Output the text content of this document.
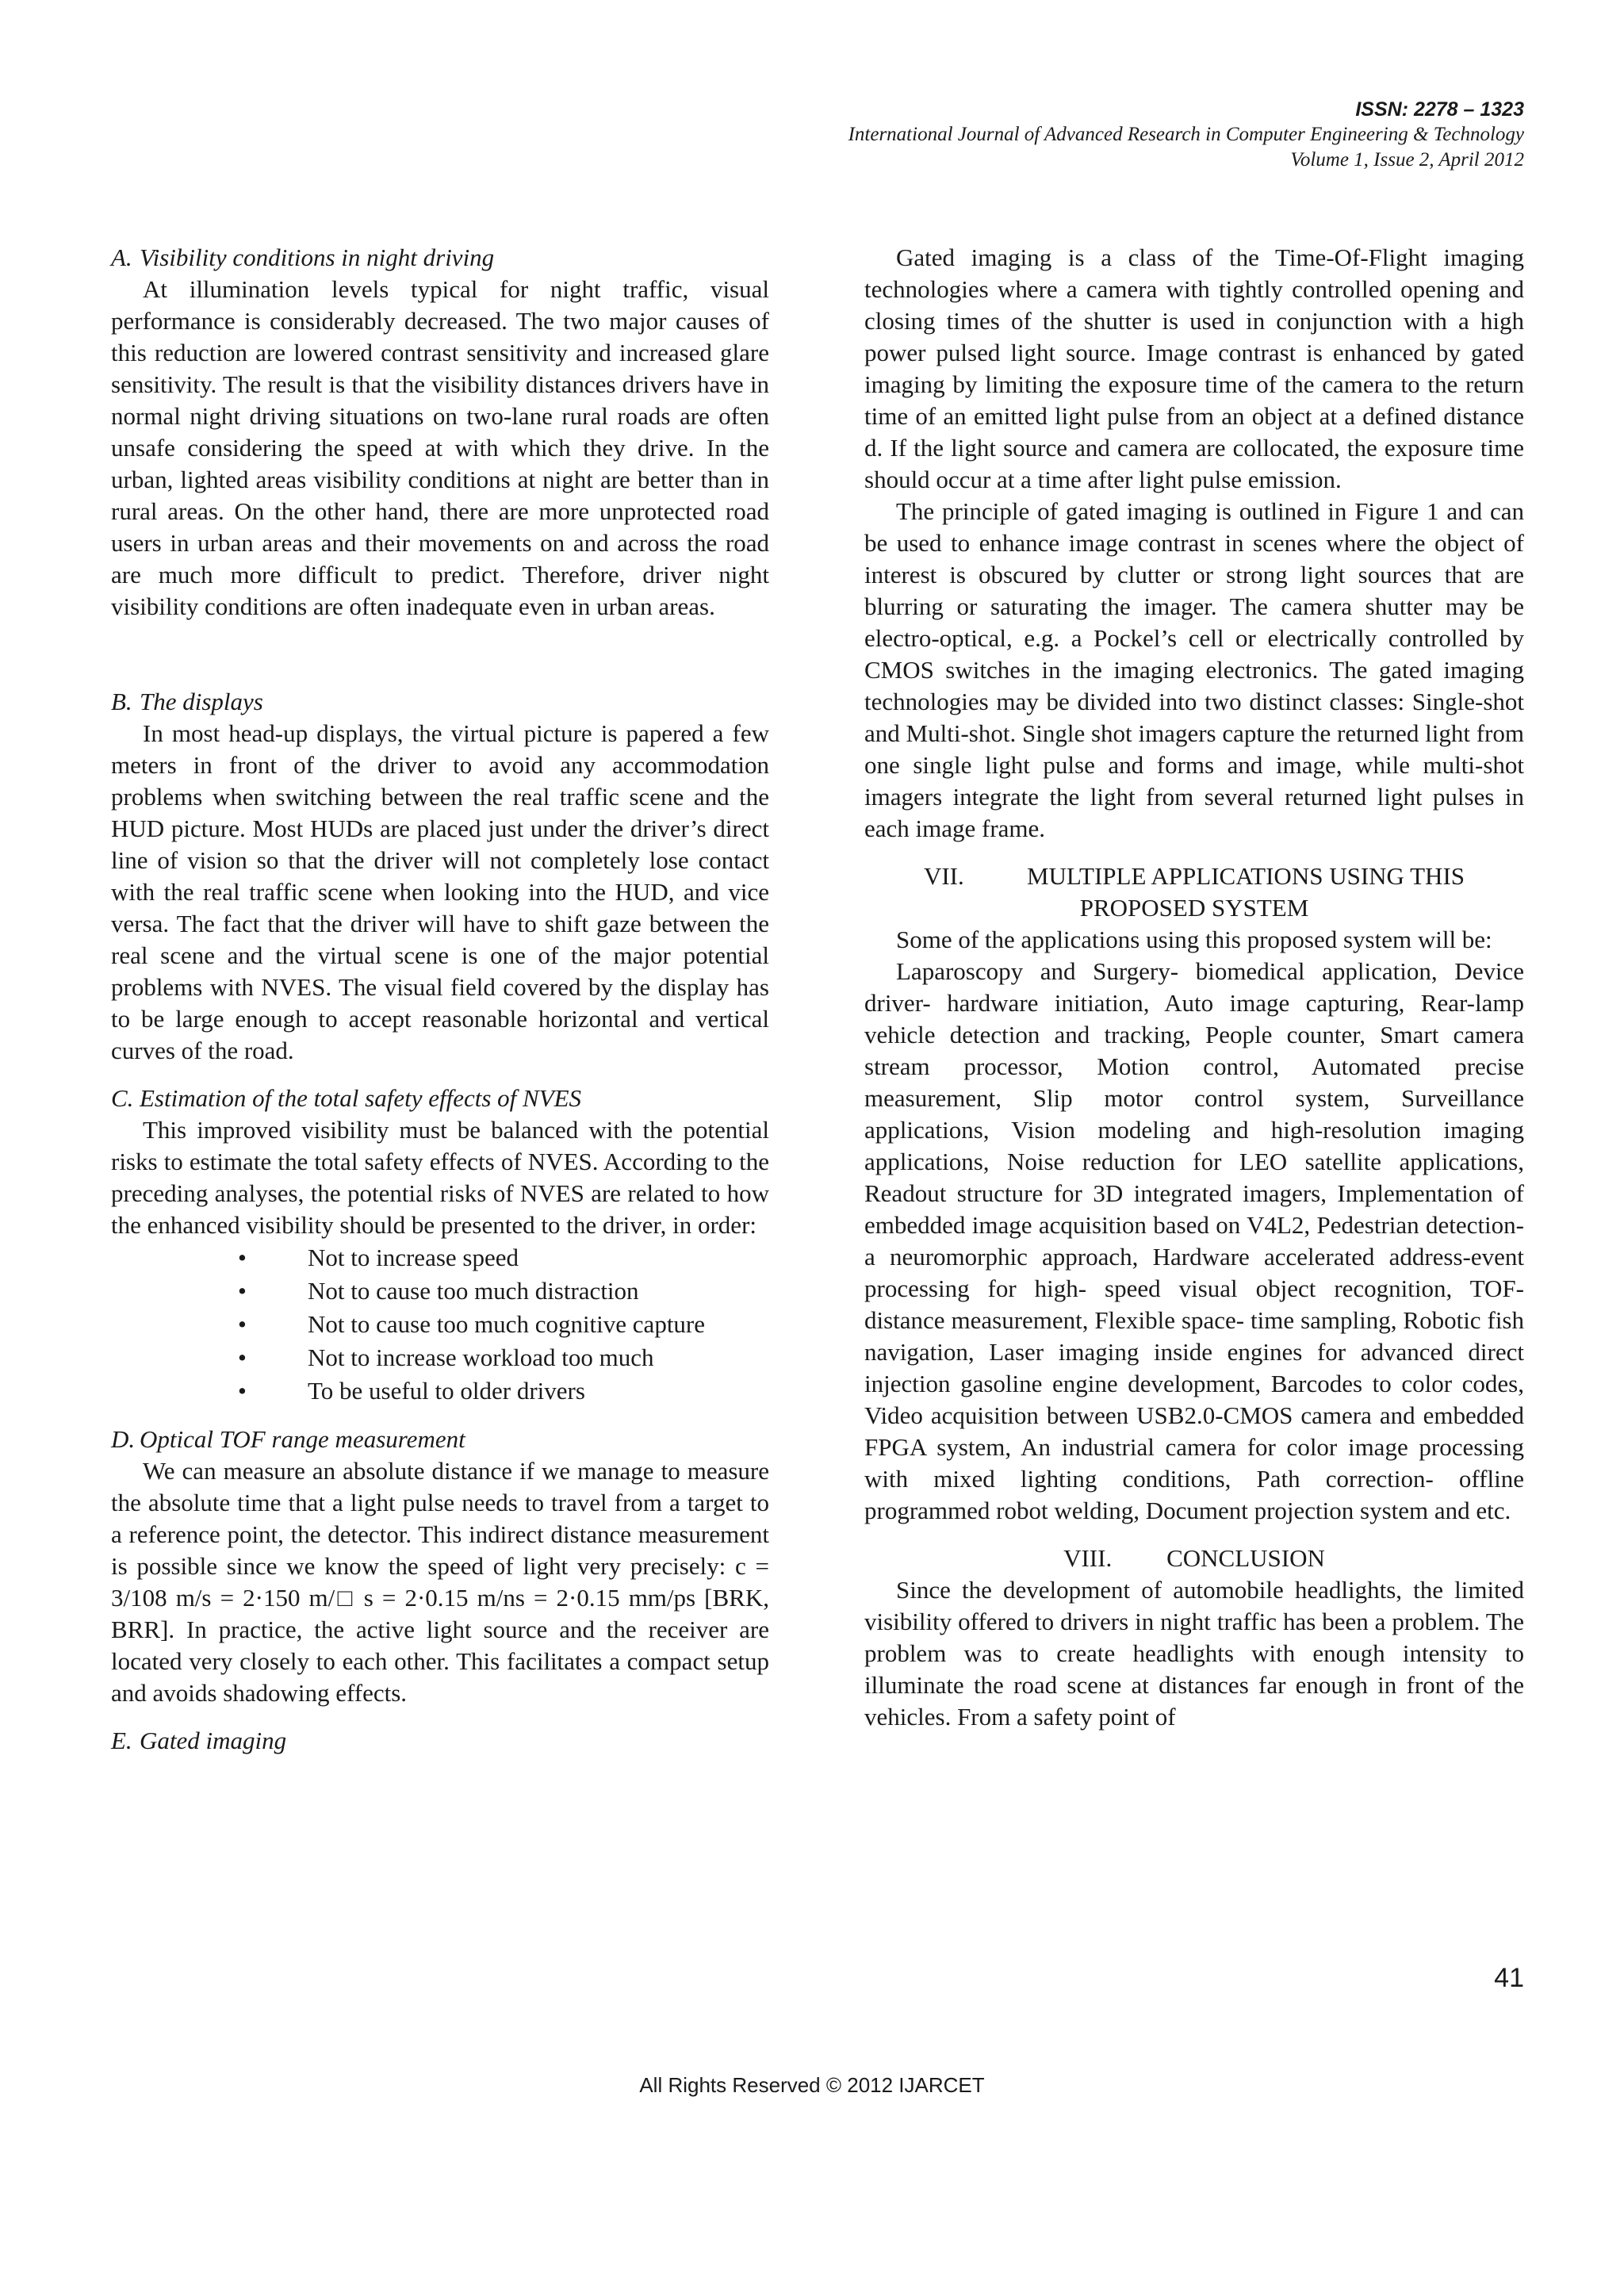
ISSN: 2278 – 1323
International Journal of Advanced Research in Computer Engineering & Technology
Volume 1, Issue 2, April 2012
A. Visibility conditions in night driving

At illumination levels typical for night traffic, visual performance is considerably decreased. The two major causes of this reduction are lowered contrast sensitivity and increased glare sensitivity. The result is that the visibility distances drivers have in normal night driving situations on two-lane rural roads are often unsafe considering the speed at with which they drive. In the urban, lighted areas visibility conditions at night are better than in rural areas. On the other hand, there are more unprotected road users in urban areas and their movements on and across the road are much more difficult to predict. Therefore, driver night visibility conditions are often inadequate even in urban areas.

B. The displays

In most head-up displays, the virtual picture is papered a few meters in front of the driver to avoid any accommodation problems when switching between the real traffic scene and the HUD picture. Most HUDs are placed just under the driver’s direct line of vision so that the driver will not completely lose contact with the real traffic scene when looking into the HUD, and vice versa. The fact that the driver will have to shift gaze between the real scene and the virtual scene is one of the major potential problems with NVES. The visual field covered by the display has to be large enough to accept reasonable horizontal and vertical curves of the road.

C. Estimation of the total safety effects of NVES

This improved visibility must be balanced with the potential risks to estimate the total safety effects of NVES. According to the preceding analyses, the potential risks of NVES are related to how the enhanced visibility should be presented to the driver, in order:

• Not to increase speed
• Not to cause too much distraction
• Not to cause too much cognitive capture
• Not to increase workload too much
• To be useful to older drivers
D. Optical TOF range measurement

We can measure an absolute distance if we manage to measure the absolute time that a light pulse needs to travel from a target to a reference point, the detector. This indirect distance measurement is possible since we know the speed of light very precisely: c = 3/108 m/s = 2·150 m/□ s = 2·0.15 m/ns = 2·0.15 mm/ps [BRK, BRR]. In practice, the active light source and the receiver are located very closely to each other. This facilitates a compact setup and avoids shadowing effects.

E. Gated imaging

Gated imaging is a class of the Time-Of-Flight imaging technologies where a camera with tightly controlled opening and closing times of the shutter is used in conjunction with a high power pulsed light source. Image contrast is enhanced by gated imaging by limiting the exposure time of the camera to the return time of an emitted light pulse from an object at a defined distance d. If the light source and camera are collocated, the exposure time should occur at a time after light pulse emission.

The principle of gated imaging is outlined in Figure 1 and can be used to enhance image contrast in scenes where the object of interest is obscured by clutter or strong light sources that are blurring or saturating the imager. The camera shutter may be electro-optical, e.g. a Pockel’s cell or electrically controlled by CMOS switches in the imaging electronics. The gated imaging technologies may be divided into two distinct classes: Single-shot and Multi-shot. Single shot imagers capture the returned light from one single light pulse and forms and image, while multi-shot imagers integrate the light from several returned light pulses in each image frame.

VII.	MULTIPLE APPLICATIONS USING THIS
PROPOSED SYSTEM

Some of the applications using this proposed system will be:

Laparoscopy and Surgery- biomedical application, Device driver- hardware initiation, Auto image capturing, Rear-lamp vehicle detection and tracking, People counter, Smart camera stream processor, Motion control, Automated precise measurement, Slip motor control system, Surveillance applications, Vision modeling and high-resolution imaging applications, Noise reduction for LEO satellite applications, Readout structure for 3D integrated imagers, Implementation of embedded image acquisition based on V4L2, Pedestrian detection- a neuromorphic approach, Hardware accelerated address-event processing for high- speed visual object recognition, TOF- distance measurement, Flexible space- time sampling, Robotic fish navigation, Laser imaging inside engines for advanced direct injection gasoline engine development, Barcodes to color codes, Video acquisition between USB2.0-CMOS camera and embedded FPGA system, An industrial camera for color image processing with mixed lighting conditions, Path correction- offline programmed robot welding, Document projection system and etc.

VIII. CONCLUSION

Since the development of automobile headlights, the limited visibility offered to drivers in night traffic has been a problem. The problem was to create headlights with enough intensity to illuminate the road scene at distances far enough in front of the vehicles. From a safety point of

41
All Rights Reserved © 2012 IJARCET
